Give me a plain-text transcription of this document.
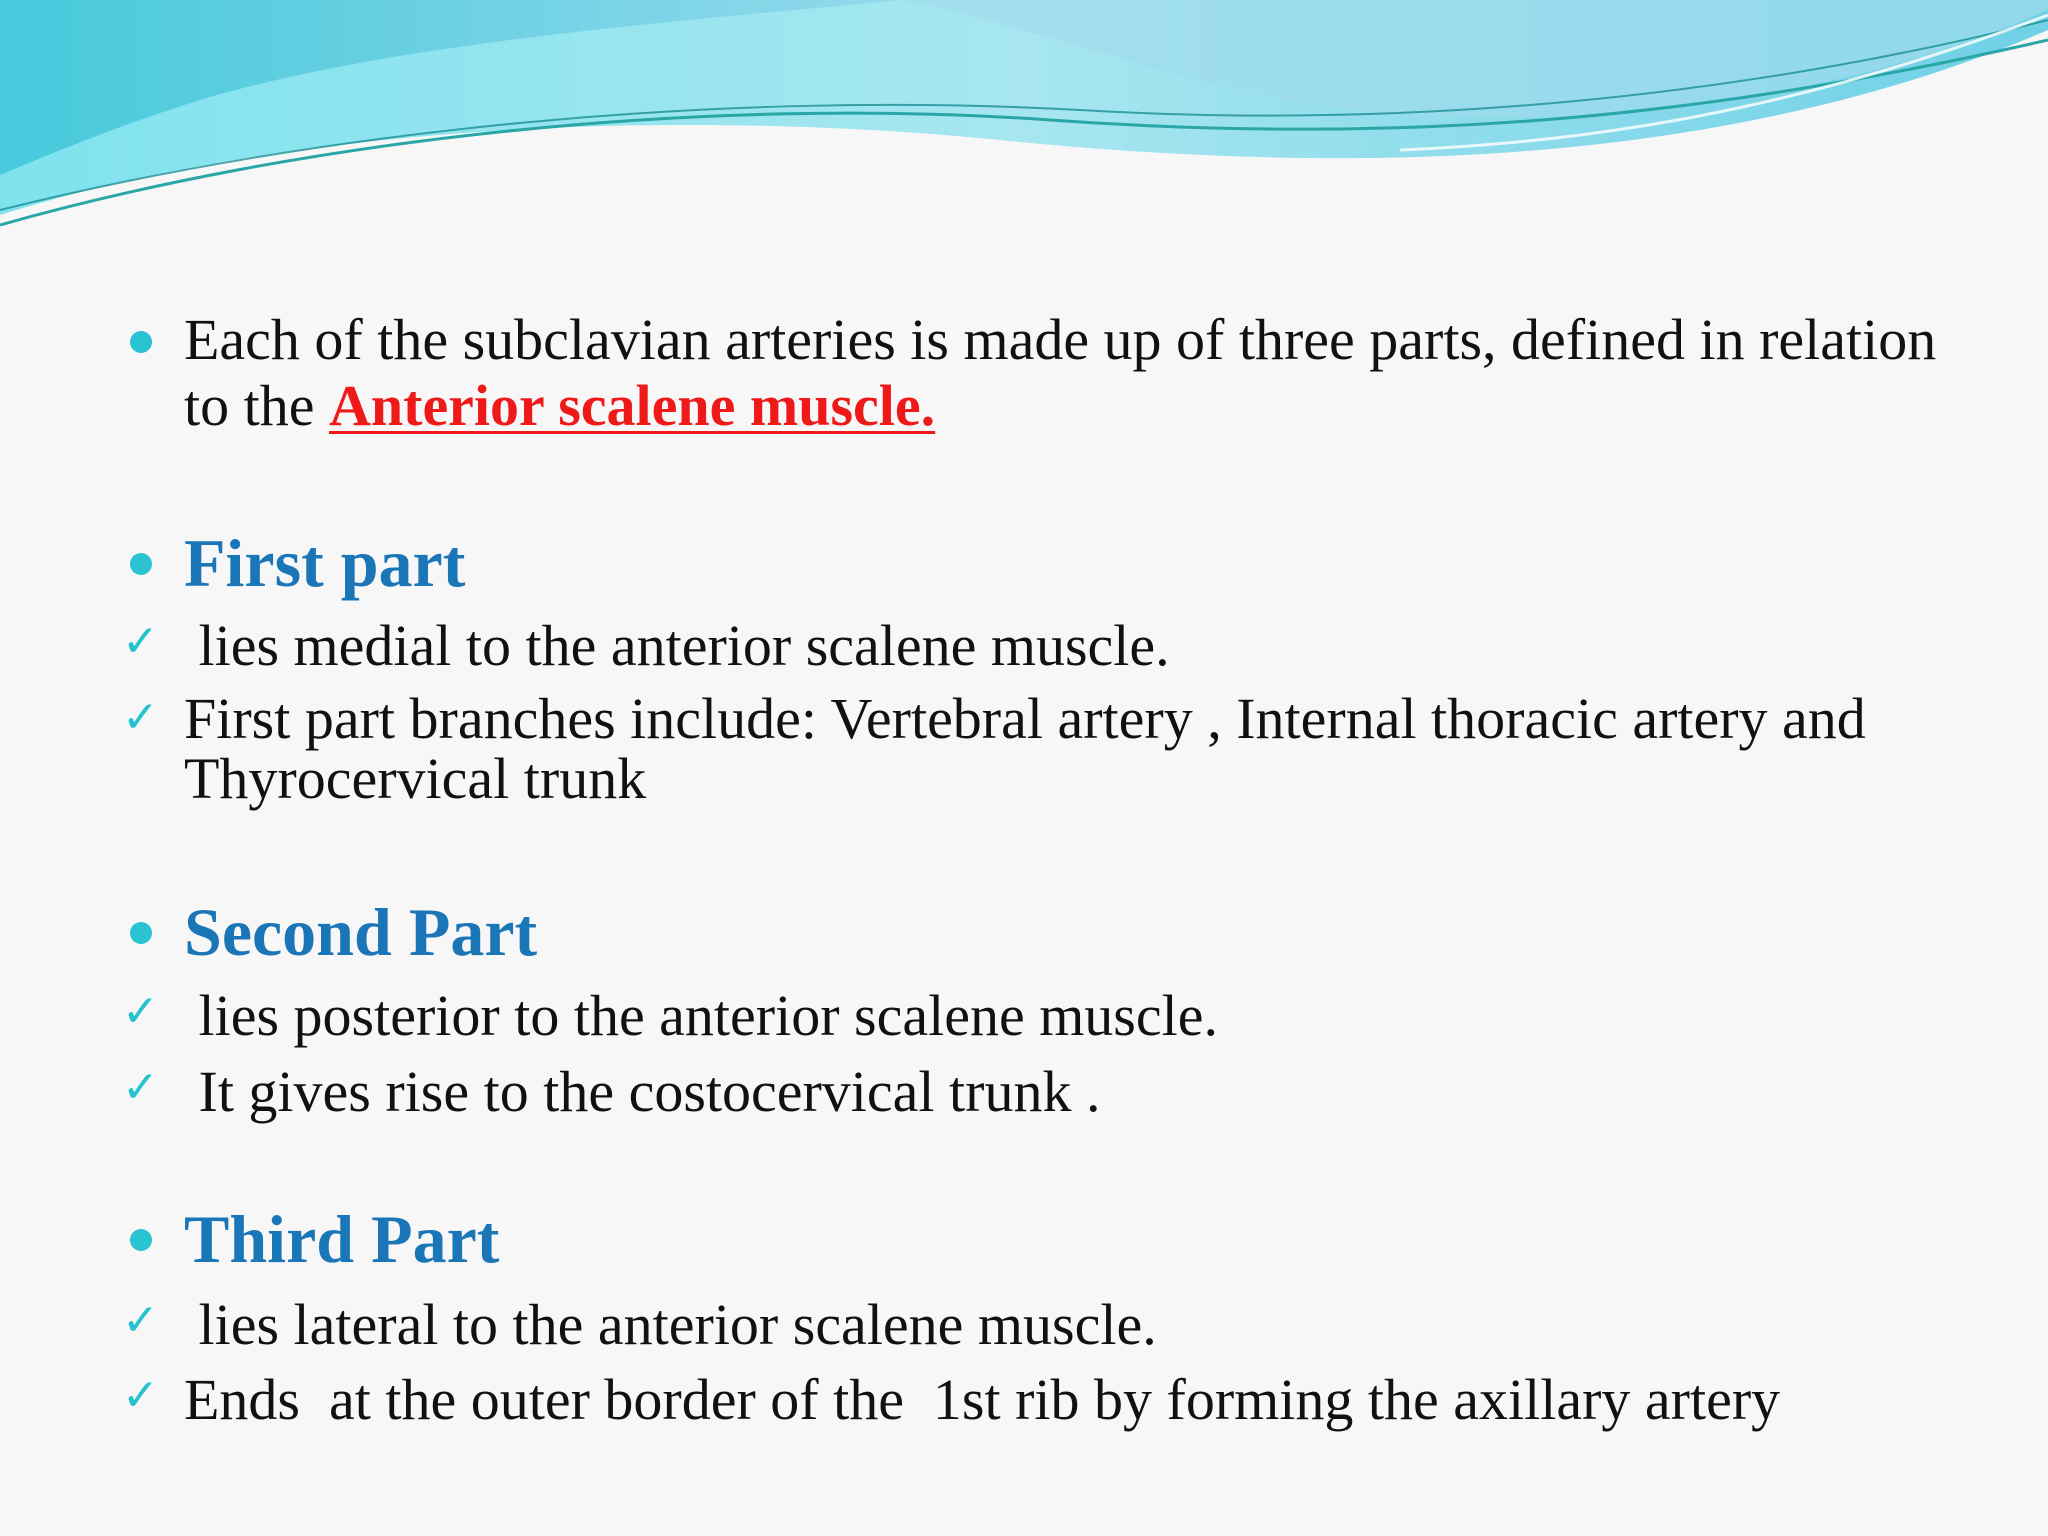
Each of the subclavian arteries is made up of three parts, defined in relation to the Anterior scalene muscle.
First part
✓ lies medial to the anterior scalene muscle.
✓ First part branches include: Vertebral artery , Internal thoracic artery and Thyrocervical trunk
Second Part
✓ lies posterior to the anterior scalene muscle.
✓ It gives rise to the costocervical trunk .
Third Part
✓ lies lateral to the anterior scalene muscle.
✓ Ends  at the outer border of the  1st rib by forming the axillary artery
